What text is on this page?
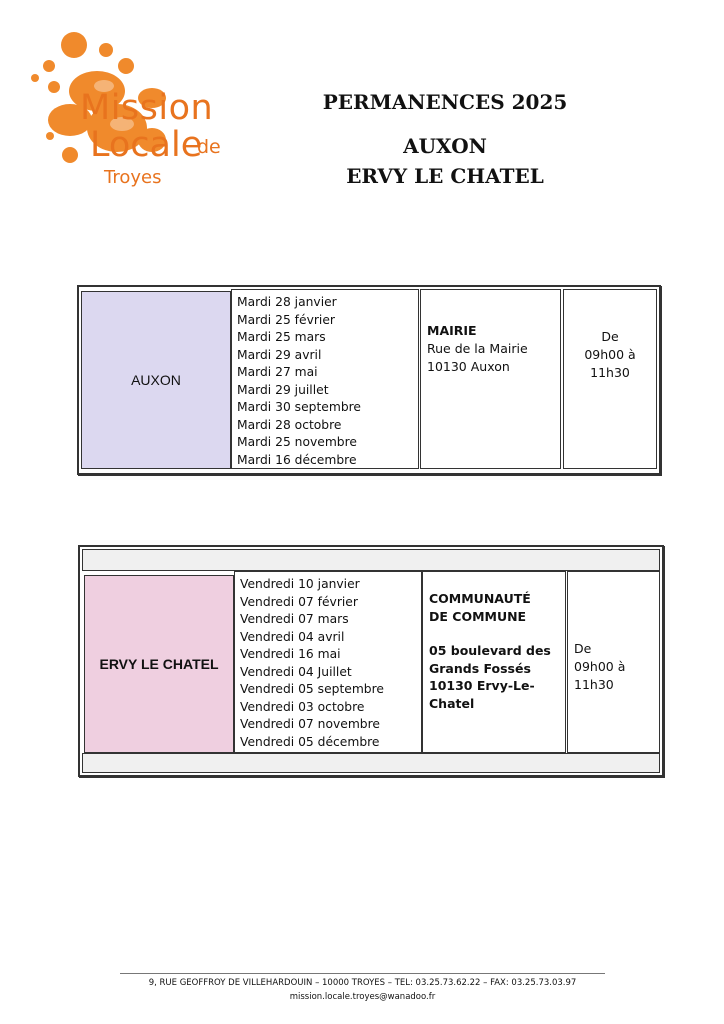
Mission
Locale
de
Troyes
PERMANENCES 2025
AUXON
ERVY LE CHATEL
AUXON
Mardi 28 janvier
Mardi 25 février
Mardi 25 mars
Mardi 29 avril
Mardi 27 mai
Mardi 29 juillet
Mardi 30 septembre
Mardi 28 octobre
Mardi 25 novembre
Mardi 16 décembre
MAIRIE
Rue de la Mairie
10130 Auxon
De
09h00 à
11h30
ERVY LE CHATEL
Vendredi 10 janvier
Vendredi 07 février
Vendredi 07 mars
Vendredi 04 avril
Vendredi 16 mai
Vendredi 04 Juillet
Vendredi 05 septembre
Vendredi 03 octobre
Vendredi 07 novembre
Vendredi 05 décembre
COMMUNAUTÉ
DE COMMUNE
05 boulevard des
Grands Fossés
10130 Ervy-Le-
Chatel
De
09h00 à
11h30
9, RUE GEOFFROY DE VILLEHARDOUIN – 10000 TROYES – TEL: 03.25.73.62.22 – FAX: 03.25.73.03.97
mission.locale.troyes@wanadoo.fr
